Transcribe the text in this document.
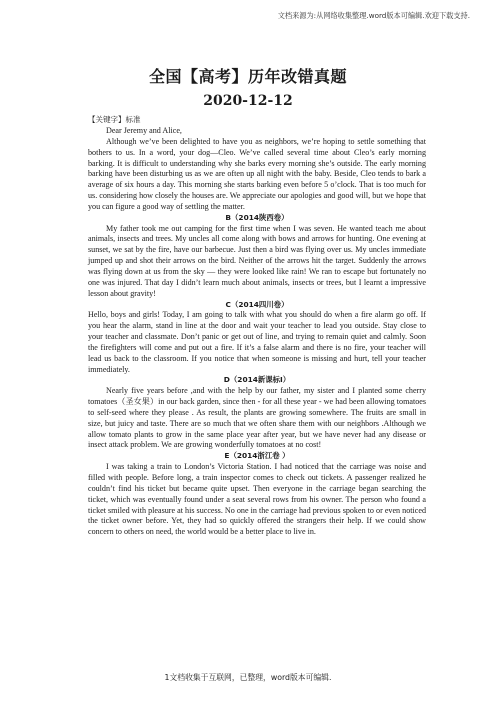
文档来源为:从网络收集整理.word版本可编辑.欢迎下载支持.
全国【高考】历年改错真题
2020-12-12
【关键字】标准

Dear Jeremy and Alice,

Although we’ve been delighted to have you as neighbors, we’re hoping to settle something that bothers to us. In a word, your dog—Cleo. We’ve called several time about Cleo’s early morning barking. It is difficult to understanding why she barks every morning she’s outside. The early morning barking have been disturbing us as we are often up all night with the baby. Beside, Cleo tends to bark a average of six hours a day. This morning she starts barking even before 5 o’clock. That is too much for us. considering how closely the houses are. We appreciate our apologies and good will, but we hope that you can figure a good way of settling the matter.

B（2014陕西卷）

My father took me out camping for the first time when I was seven. He wanted teach me about animals, insects and trees. My uncles all come along with bows and arrows for hunting. One evening at sunset, we sat by the fire, have our barbecue. Just then a bird was flying over us. My uncles immediate jumped up and shot their arrows on the bird. Neither of the arrows hit the target. Suddenly the arrows was flying down at us from the sky — they were looked like rain! We ran to escape but fortunately no one was injured. That day I didn’t learn much about animals, insects or trees, but I learnt a impressive lesson about gravity!

C（2014四川卷）

Hello, boys and girls! Today, I am going to talk with what you should do when a fire alarm go off. If you hear the alarm, stand in line at the door and wait your teacher to lead you outside. Stay close to your teacher and classmate. Don’t panic or get out of line, and trying to remain quiet and calmly. Soon the firefighters will come and put out a fire. If it’s a false alarm and there is no fire, your teacher will lead us back to the classroom. If you notice that when someone is missing and hurt, tell your teacher immediately.

D（2014新课标I）

Nearly five years before ,and with the help by our father, my sister and I planted some cherry tomatoes（圣女果）in our back garden, since then - for all these year - we had been allowing tomatoes to self-seed where they please . As result, the plants are growing somewhere. The fruits are small in size, but juicy and taste. There are so much that we often share them with our neighbors .Although we allow tomato plants to grow in the same place year after year, but we have never had any disease or insect attack problem. We are growing wonderfully tomatoes at no cost!

E（2014浙江卷 ）

I was taking a train to London’s Victoria Station. I had noticed that the carriage was noise and filled with people. Before long, a train inspector comes to check out tickets. A passenger realized he couldn’t find his ticket but became quite upset. Then everyone in the carriage began searching the ticket, which was eventually found under a seat several rows from his owner. The person who found a ticket smiled with pleasure at his success. No one in the carriage had previous spoken to or even noticed the ticket owner before. Yet, they had so quickly offered the strangers their help. If we could show concern to others on need, the world would be a better place to live in.

1文档收集于互联网，已整理，word版本可编辑.
